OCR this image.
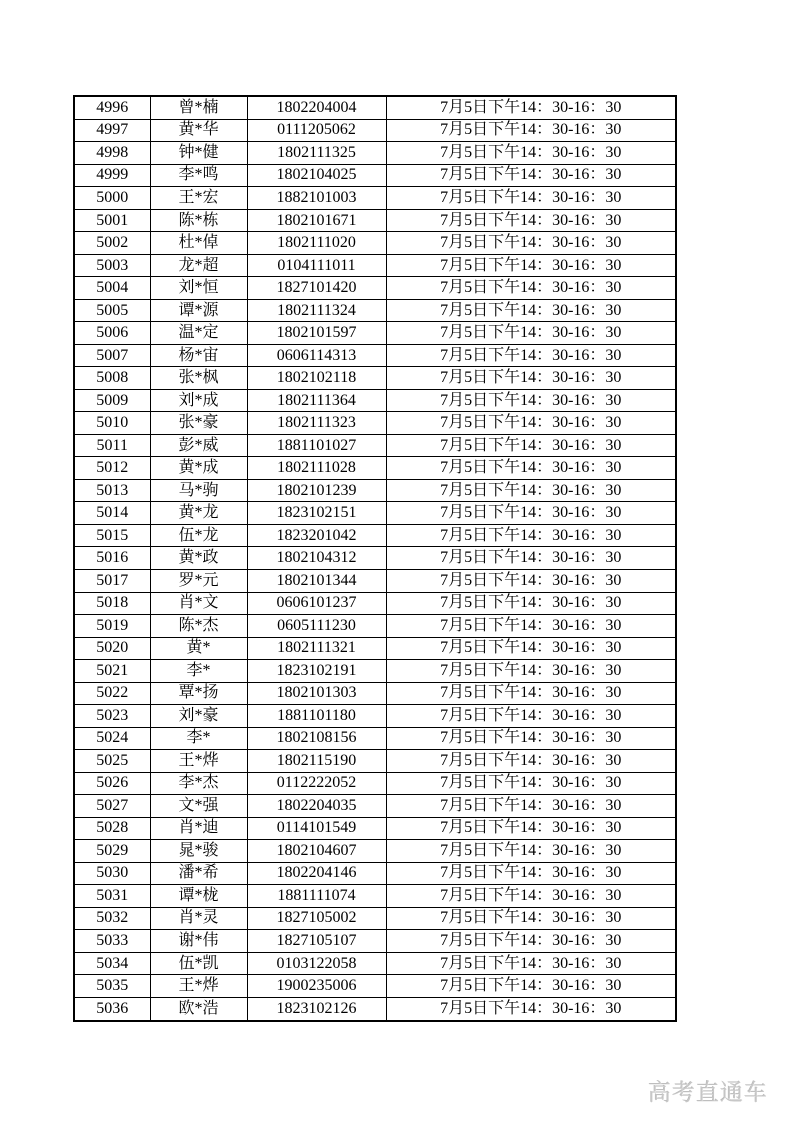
4996	曾*楠	1802204004	7月5日下午14：30-16：30
4997	黄*华	0111205062	7月5日下午14：30-16：30
4998	钟*健	1802111325	7月5日下午14：30-16：30
4999	李*鸣	1802104025	7月5日下午14：30-16：30
5000	王*宏	1882101003	7月5日下午14：30-16：30
5001	陈*栋	1802101671	7月5日下午14：30-16：30
5002	杜*倬	1802111020	7月5日下午14：30-16：30
5003	龙*超	0104111011	7月5日下午14：30-16：30
5004	刘*恒	1827101420	7月5日下午14：30-16：30
5005	谭*源	1802111324	7月5日下午14：30-16：30
5006	温*定	1802101597	7月5日下午14：30-16：30
5007	杨*宙	0606114313	7月5日下午14：30-16：30
5008	张*枫	1802102118	7月5日下午14：30-16：30
5009	刘*成	1802111364	7月5日下午14：30-16：30
5010	张*豪	1802111323	7月5日下午14：30-16：30
5011	彭*威	1881101027	7月5日下午14：30-16：30
5012	黄*成	1802111028	7月5日下午14：30-16：30
5013	马*驹	1802101239	7月5日下午14：30-16：30
5014	黄*龙	1823102151	7月5日下午14：30-16：30
5015	伍*龙	1823201042	7月5日下午14：30-16：30
5016	黄*政	1802104312	7月5日下午14：30-16：30
5017	罗*元	1802101344	7月5日下午14：30-16：30
5018	肖*文	0606101237	7月5日下午14：30-16：30
5019	陈*杰	0605111230	7月5日下午14：30-16：30
5020	黄*	1802111321	7月5日下午14：30-16：30
5021	李*	1823102191	7月5日下午14：30-16：30
5022	覃*扬	1802101303	7月5日下午14：30-16：30
5023	刘*豪	1881101180	7月5日下午14：30-16：30
5024	李*	1802108156	7月5日下午14：30-16：30
5025	王*烨	1802115190	7月5日下午14：30-16：30
5026	李*杰	0112222052	7月5日下午14：30-16：30
5027	文*强	1802204035	7月5日下午14：30-16：30
5028	肖*迪	0114101549	7月5日下午14：30-16：30
5029	晁*骏	1802104607	7月5日下午14：30-16：30
5030	潘*希	1802204146	7月5日下午14：30-16：30
5031	谭*栊	1881111074	7月5日下午14：30-16：30
5032	肖*灵	1827105002	7月5日下午14：30-16：30
5033	谢*伟	1827105107	7月5日下午14：30-16：30
5034	伍*凯	0103122058	7月5日下午14：30-16：30
5035	王*烨	1900235006	7月5日下午14：30-16：30
5036	欧*浩	1823102126	7月5日下午14：30-16：30
高考直通车
